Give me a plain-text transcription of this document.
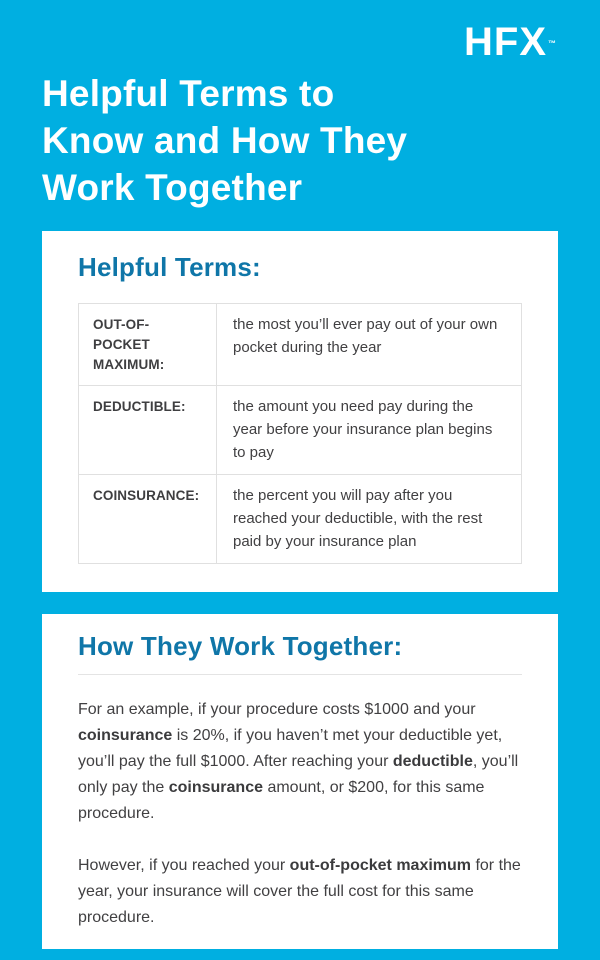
HFX ™
Helpful Terms to
Know and How They
Work Together
Helpful Terms:
OUT-OF-POCKET MAXIMUM:	the most you’ll ever pay out of your own pocket during the year
DEDUCTIBLE:	the amount you need pay during the year before your insurance plan begins to pay
COINSURANCE:	the percent you will pay after you reached your deductible, with the rest paid by your insurance plan
How They Work Together:

For an example, if your procedure costs $1000 and your coinsurance is 20%, if you haven’t met your deductible yet, you’ll pay the full $1000. After reaching your deductible, you’ll only pay the coinsurance amount, or $200, for this same procedure.

However, if you reached your out-of-pocket maximum for the year, your insurance will cover the full cost for this same procedure.
